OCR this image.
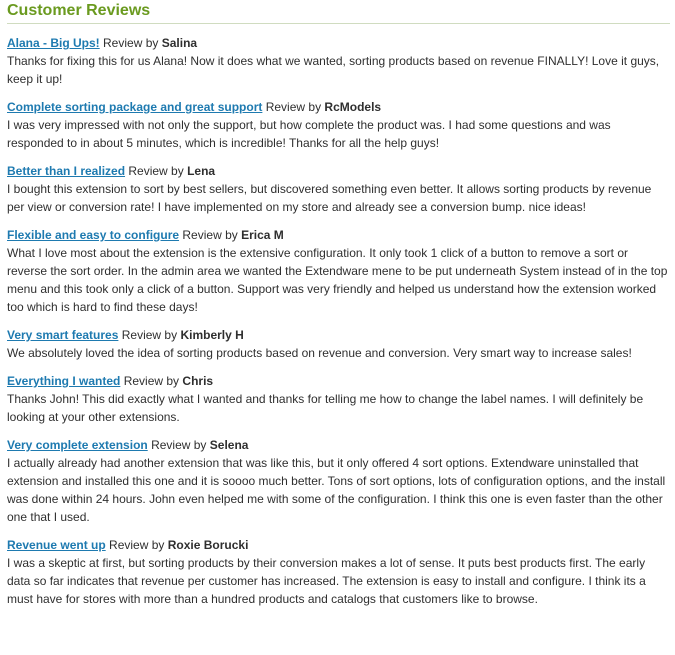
Customer Reviews
Alana - Big Ups! Review by Salina
Thanks for fixing this for us Alana! Now it does what we wanted, sorting products based on revenue FINALLY! Love it guys, keep it up!
Complete sorting package and great support Review by RcModels
I was very impressed with not only the support, but how complete the product was. I had some questions and was responded to in about 5 minutes, which is incredible! Thanks for all the help guys!
Better than I realized Review by Lena
I bought this extension to sort by best sellers, but discovered something even better. It allows sorting products by revenue per view or conversion rate! I have implemented on my store and already see a conversion bump. nice ideas!
Flexible and easy to configure Review by Erica M
What I love most about the extension is the extensive configuration. It only took 1 click of a button to remove a sort or reverse the sort order. In the admin area we wanted the Extendware mene to be put underneath System instead of in the top menu and this took only a click of a button. Support was very friendly and helped us understand how the extension worked too which is hard to find these days!
Very smart features Review by Kimberly H
We absolutely loved the idea of sorting products based on revenue and conversion. Very smart way to increase sales!
Everything I wanted Review by Chris
Thanks John! This did exactly what I wanted and thanks for telling me how to change the label names. I will definitely be looking at your other extensions.
Very complete extension Review by Selena
I actually already had another extension that was like this, but it only offered 4 sort options. Extendware uninstalled that extension and installed this one and it is soooo much better. Tons of sort options, lots of configuration options, and the install was done within 24 hours. John even helped me with some of the configuration. I think this one is even faster than the other one that I used.
Revenue went up Review by Roxie Borucki
I was a skeptic at first, but sorting products by their conversion makes a lot of sense. It puts best products first. The early data so far indicates that revenue per customer has increased. The extension is easy to install and configure. I think its a must have for stores with more than a hundred products and catalogs that customers like to browse.
